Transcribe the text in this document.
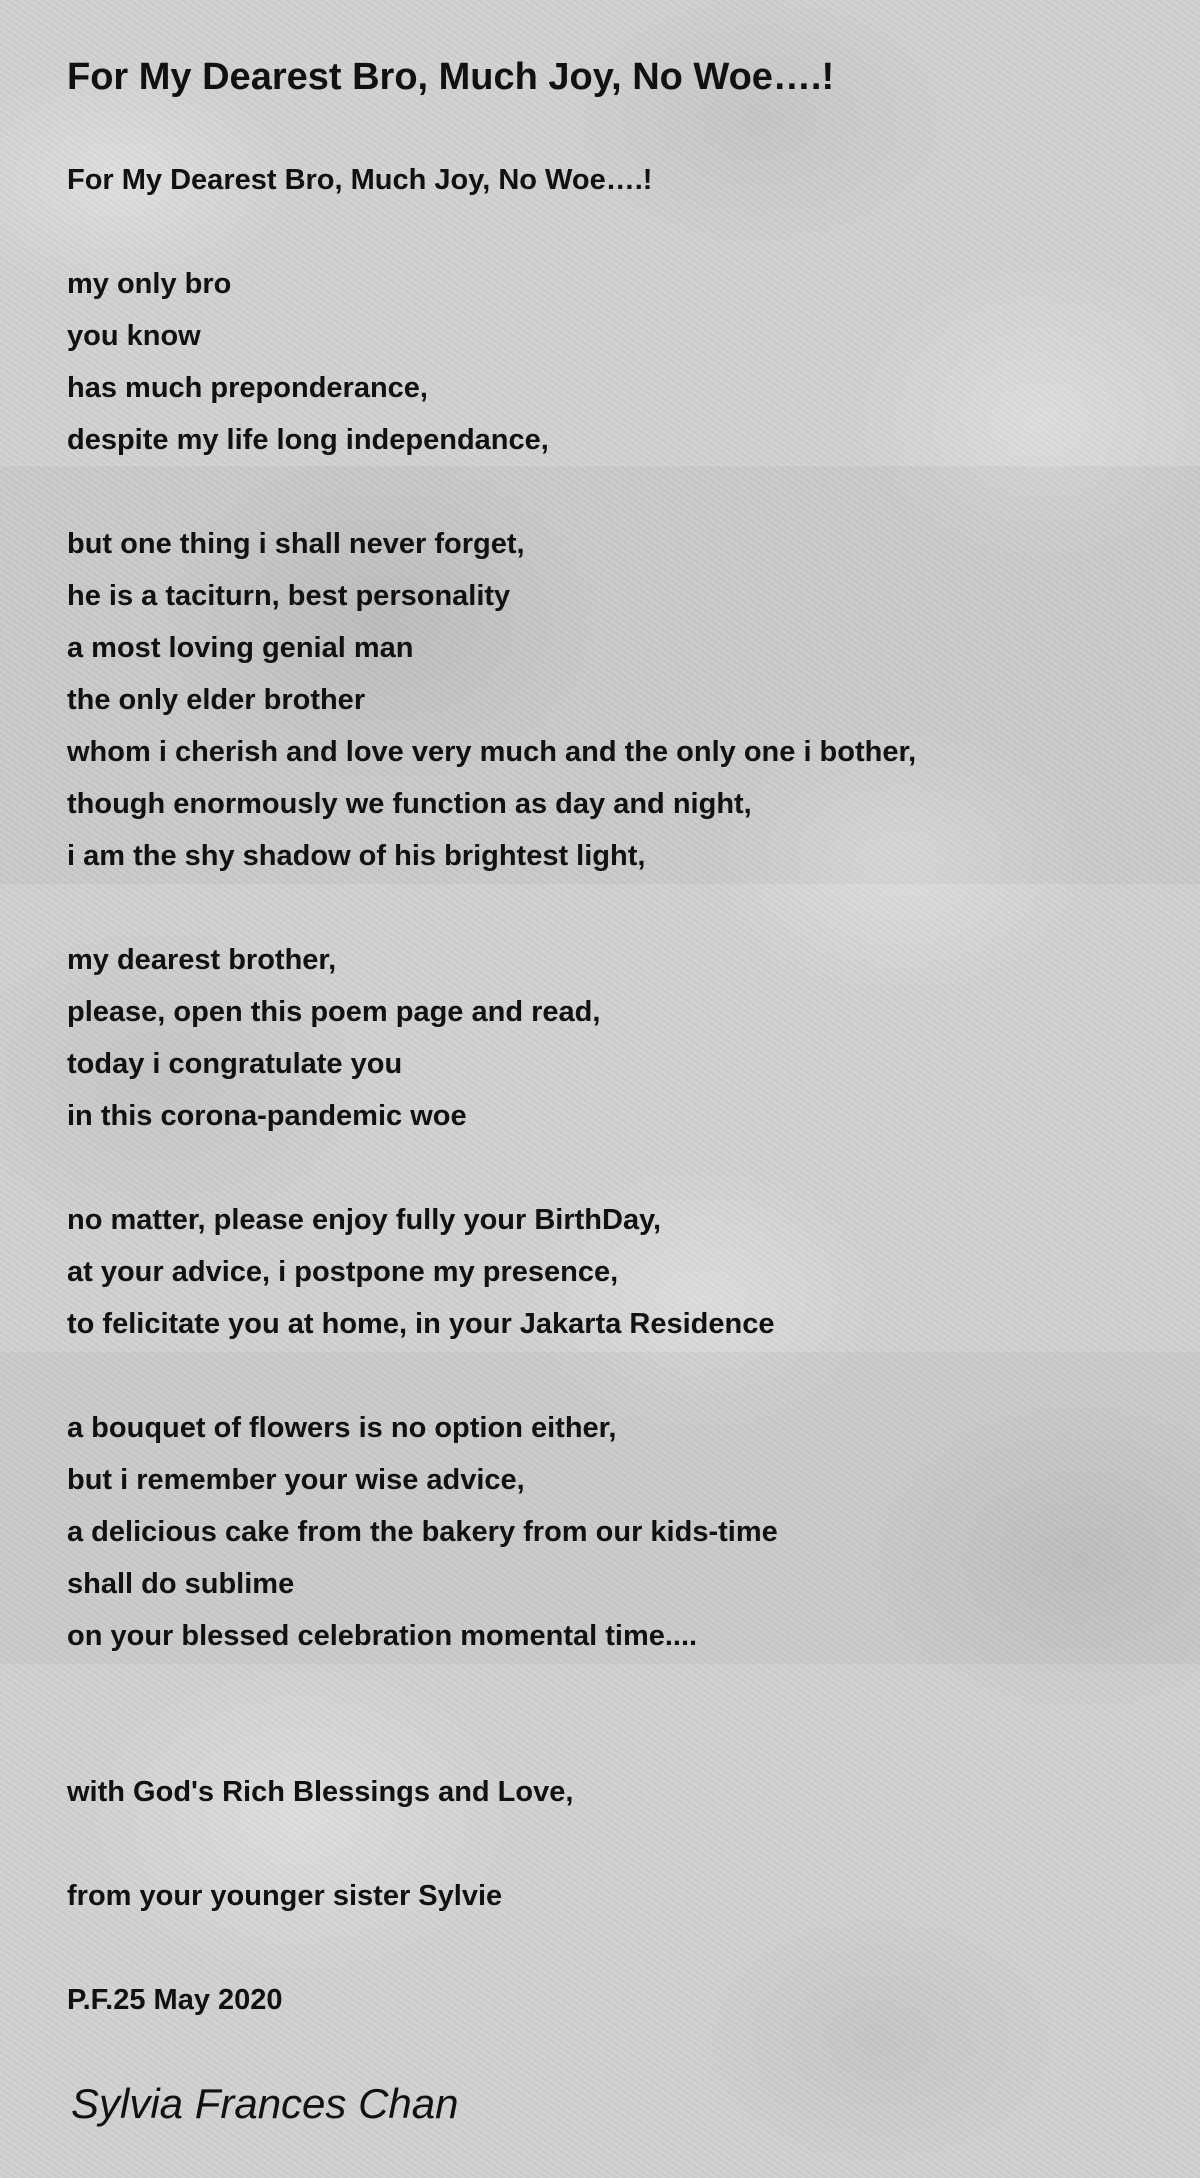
For My Dearest Bro, Much Joy, No Woe….!
For My Dearest Bro, Much Joy, No Woe….!
my only bro
you know
has much preponderance,
despite my life long independance,
but one thing i shall never forget,
he is a taciturn, best personality
a most loving genial man
the only elder brother
whom i cherish and love very much and the only one i bother,
though enormously we function as day and night,
i am the shy shadow of his brightest light,
my dearest brother,
please, open this poem page and read,
today i congratulate you
in this corona-pandemic woe
no matter, please enjoy fully your BirthDay,
at your advice, i postpone my presence,
to felicitate you at home, in your Jakarta Residence
a bouquet of flowers is no option either,
but i remember your wise advice,
a delicious cake from the bakery from our kids-time
shall do sublime
on your blessed celebration momental time....
with God's Rich Blessings and Love,
from your younger sister Sylvie
P.F.25 May 2020
Sylvia Frances Chan
